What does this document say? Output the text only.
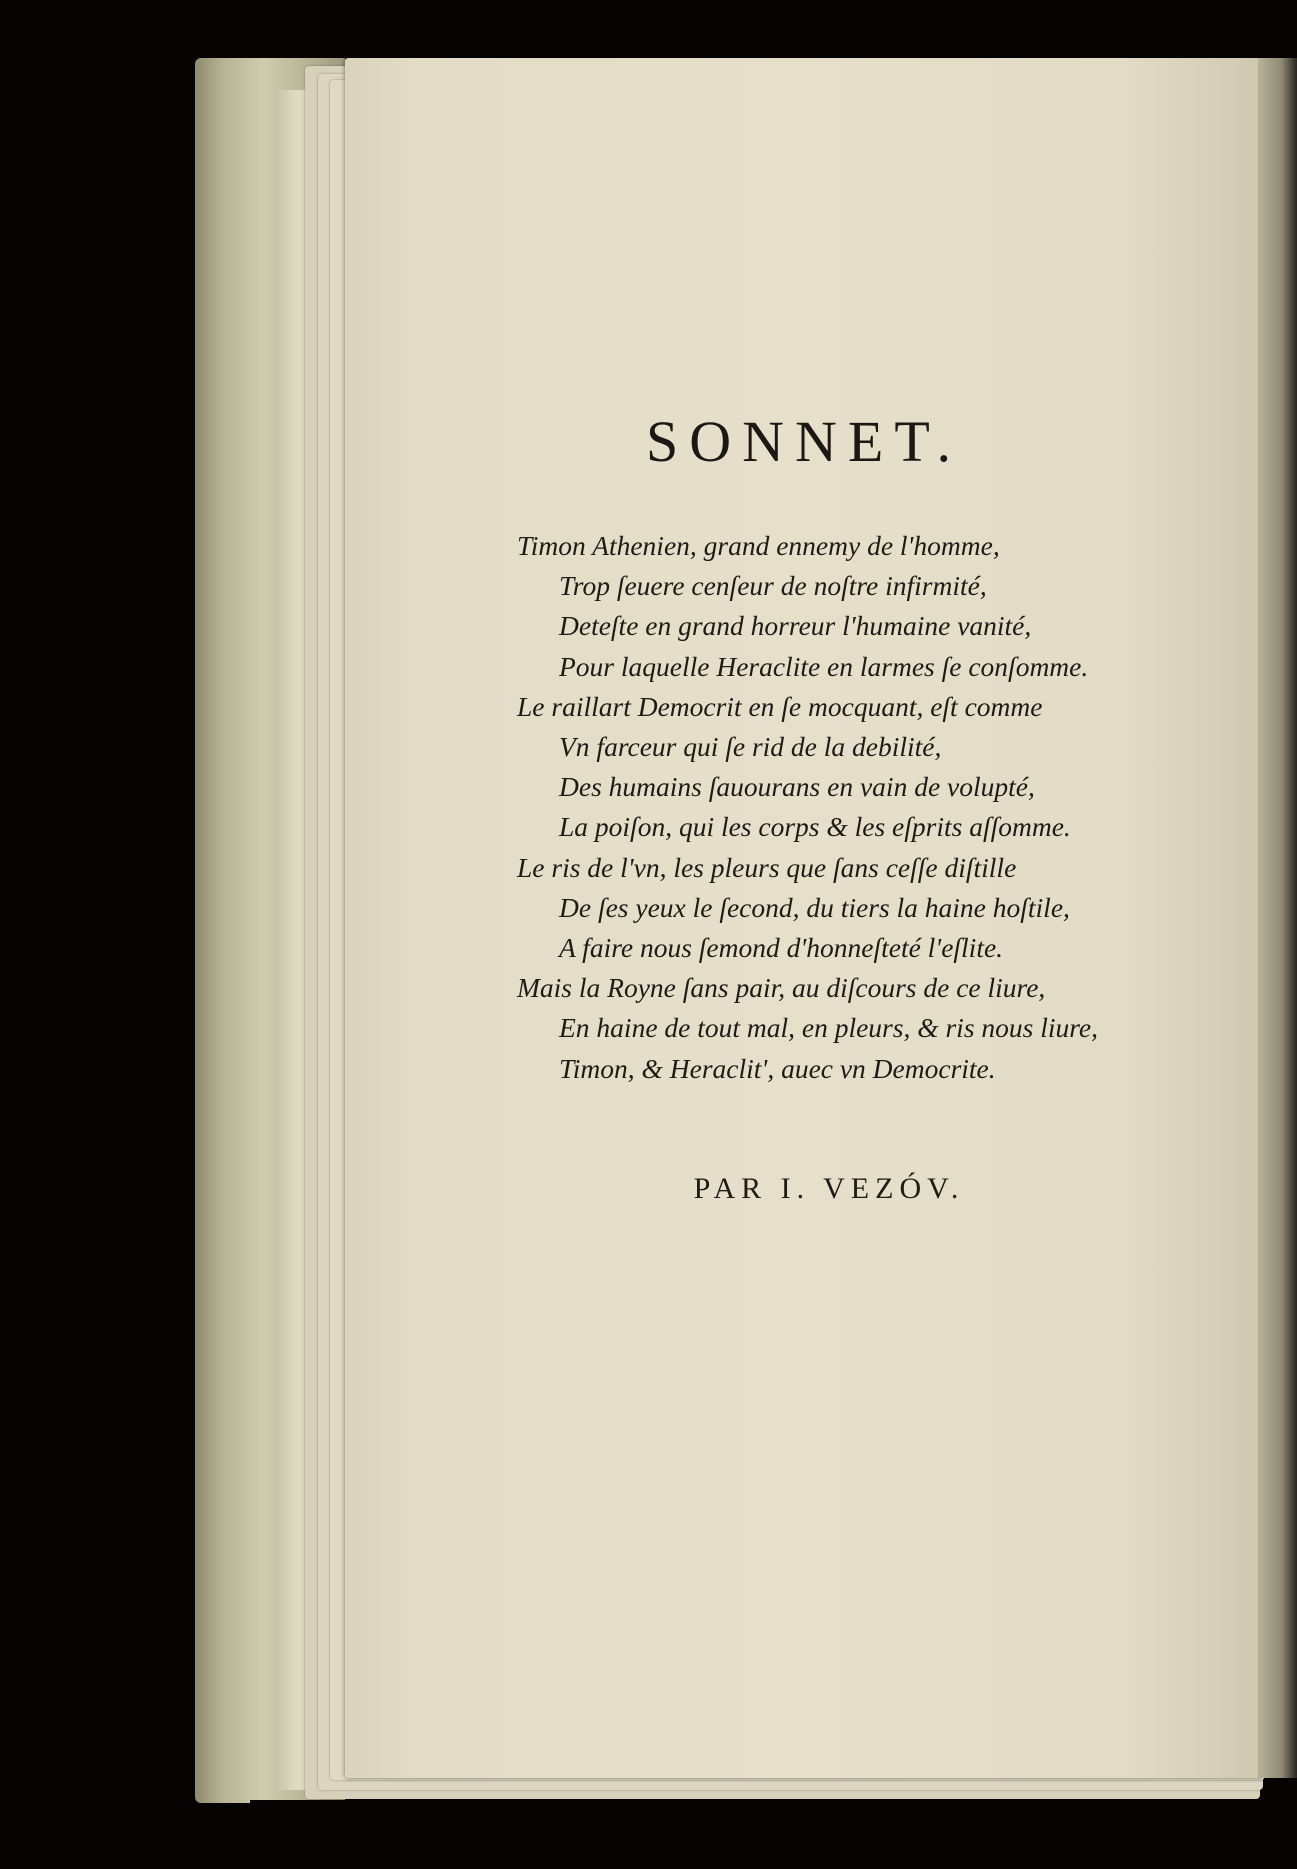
SONNET.
Timon Athenien, grand ennemy de l'homme,
Trop ſeuere cenſeur de noſtre infirmité,
Deteſte en grand horreur l'humaine vanité,
Pour laquelle Heraclite en larmes ſe conſomme.
Le raillart Democrit en ſe mocquant, eſt comme
Vn farceur qui ſe rid de la debilité,
Des humains ſauourans en vain de volupté,
La poiſon, qui les corps & les eſprits aſſomme.
Le ris de l'vn, les pleurs que ſans ceſſe diſtille
De ſes yeux le ſecond, du tiers la haine hoſtile,
A faire nous ſemond d'honneſteté l'eſlite.
Mais la Royne ſans pair, au diſcours de ce liure,
En haine de tout mal, en pleurs, & ris nous liure,
Timon, & Heraclit', auec vn Democrite.

PAR I. VEZÓV.
